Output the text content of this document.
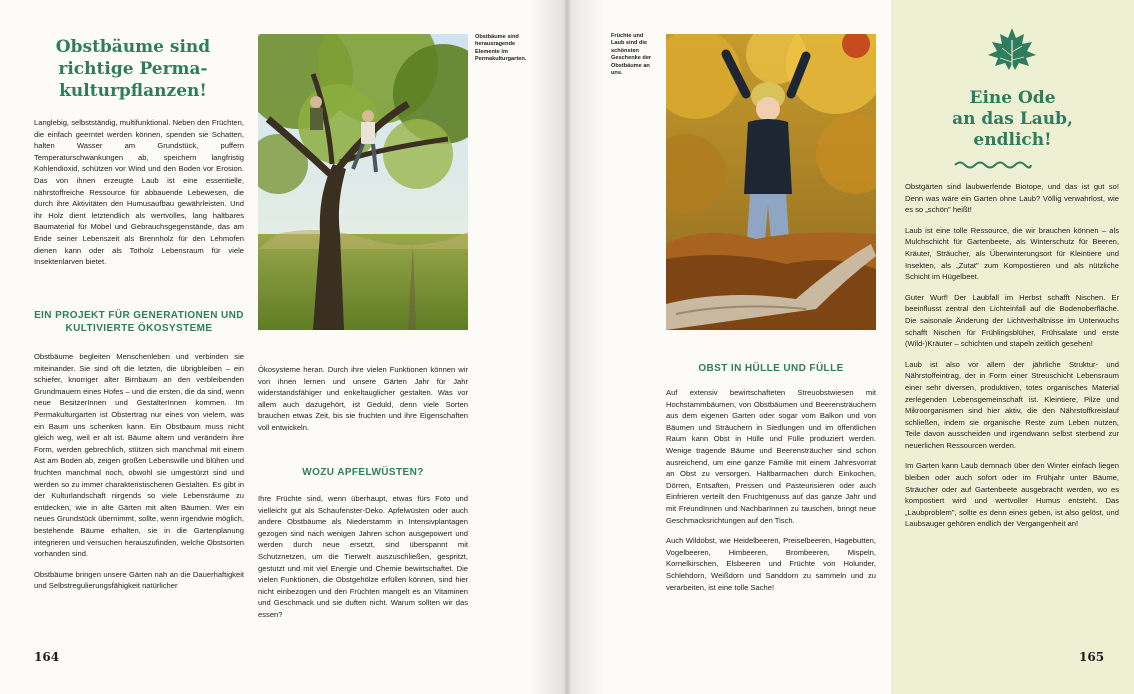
Obstbäume sind
richtige Perma-
kulturpflanzen!

Langlebig, selbstständig, multifunktional. Neben den Früchten, die einfach geerntet werden können, spenden sie Schatten, halten Wasser am Grundstück, puffern Temperaturschwankungen ab, speichern langfristig Kohlendioxid, schützen vor Wind und den Boden vor Erosion. Das von ihnen erzeugte Laub ist eine essentielle, nährstoffreiche Ressource für abbauende Lebewesen, die durch ihre Aktivitäten den Humusaufbau gewährleisten. Und ihr Holz dient letztendlich als wertvolles, lang haltbares Baumaterial für Möbel und Gebrauchsgegenstände, das am Ende seiner Lebenszeit als Brennholz für den Lehmofen dienen kann oder als Totholz Lebensraum für viele Insektenlarven bietet.

EIN PROJEKT FÜR GENERATIONEN UND
KULTIVIERTE ÖKOSYSTEME

Obstbäume begleiten Menschenleben und verbinden sie miteinander. Sie sind oft die letzten, die übrigbleiben – ein schiefer, knorriger alter Birnbaum an den verbleibenden Grundmauern eines Hofes – und die ersten, die da sind, wenn neue BesitzerInnen und GestalterInnen kommen. Im Permakulturgarten ist Obstertrag nur eines von vielem, was ein Baum uns schenken kann. Ein Obstbaum muss nicht gleich weg, weil er alt ist. Bäume altern und verändern ihre Form, werden gebrechlich, stützen sich manchmal mit einem Ast am Boden ab, zeigen großen Lebenswille und blühen und fruchten manchmal noch, obwohl sie umgestürzt sind und werden so zu immer charakteristischeren Gestalten. Es gibt in der Kulturlandschaft nirgends so viele Lebensräume zu entdecken, wie in alte Gärten mit alten Bäumen. Wer ein neues Grundstück übernimmt, sollte, wenn irgendwie möglich, bestehende Bäume erhalten, sie in die Gartenplanung integrieren und versuchen herauszufinden, welche Obstsorten vorhanden sind.

Obstbäume bringen unsere Gärten nah an die Dauerhaftigkeit und Selbstregulierungsfähigkeit natürlicher

Obstbäume sind herausragende Elemente im Permakulturgarten.

Ökosysteme heran. Durch ihre vielen Funktionen können wir von ihnen lernen und unsere Gärten Jahr für Jahr widerstandsfähiger und enkeltauglicher gestalten. Was vor allem auch dazugehört, ist Geduld, denn viele Sorten brauchen etwas Zeit, bis sie fruchten und ihre Eigenschaften voll entwickeln.

WOZU APFELWÜSTEN?

Ihre Früchte sind, wenn überhaupt, etwas fürs Foto und vielleicht gut als Schaufenster-Deko. Apfelwüsten oder auch andere Obstbäume als Niederstamm in Intensivplantagen gezogen sind nach wenigen Jahren schon ausgepowert und werden durch neue ersetzt, sind überspannt mit Schutznetzen, um die Tierwelt auszuschließen, gespritzt, gestutzt und mit viel Energie und Chemie bewirtschaftet. Die vielen Funktionen, die Obstgehölze erfüllen können, sind hier nicht einbezogen und den Früchten mangelt es an Vitaminen und Geschmack und sie duften nicht. Warum sollten wir das essen?

164
Früchte und Laub sind die schönsten Geschenke der Obstbäume an uns.
OBST IN HÜLLE UND FÜLLE

Auf extensiv bewirtschafteten Streuobstwiesen mit Hochstammbäumen, von Obstbäumen und Beerensträuchern aus dem eigenen Garten oder sogar vom Balkon und von Bäumen und Sträuchern in Siedlungen und im öffentlichen Raum kann Obst in Hülle und Fülle produziert werden. Wenige tragende Bäume und Beerensträucher sind schon ausreichend, um eine ganze Familie mit einem Jahresvorrat an Obst zu versorgen. Haltbarmachen durch Einkochen, Dörren, Entsaften, Pressen und Pasteurisieren oder auch Einfrieren verteilt den Fruchtgenuss auf das ganze Jahr und mit FreundInnen und NachbarInnen zu tauschen, bringt neue Geschmacksrichtungen auf den Tisch.

Auch Wildobst, wie Heidelbeeren, Preiselbeeren, Hagebutten, Vogelbeeren, Himbeeren, Brombeeren, Mispeln, Kornelkirschen, Elsbeeren und Früchte von Holunder, Schlehdorn, Weißdorn und Sanddorn zu sammeln und zu verarbeiten, ist eine tolle Sache!

Eine Ode
an das Laub,
endlich!

Obstgärten sind laubwerfende Biotope, und das ist gut so! Denn was wäre ein Garten ohne Laub? Völlig verwahrlost, wie es so „schön" heißt!

Laub ist eine tolle Ressource, die wir brauchen können – als Mulchschicht für Gartenbeete, als Winterschutz für Beeren, Kräuter, Sträucher, als Überwinterungsort für Kleintiere und Insekten, als „Zutat" zum Kompostieren und als nützliche Schicht im Hügelbeet.

Guter Wurf! Der Laubfall im Herbst schafft Nischen. Er beeinflusst zentral den Lichteinfall auf die Bodenoberfläche. Die saisonale Änderung der Lichtverhältnisse im Unterwuchs schafft Nischen für Frühlingsblüher, Frühsalate und erste (Wild-)Kräuter – schichten und stapeln zeitlich gesehen!

Laub ist also vor allem der jährliche Struktur- und Nährstoffeintrag, der in Form einer Streuschicht Lebensraum einer sehr diversen, produktiven, totes organisches Material zerlegenden Lebensgemeinschaft ist. Kleintiere, Pilze und Mikroorganismen sind hier aktiv, die den Nährstoffkreislauf schließen, indem sie organische Reste zum Leben nutzen, Teile davon ausscheiden und irgendwann selbst sterbend zur neuerlichen Ressourcen werden.

Im Garten kann Laub demnach über den Winter einfach liegen bleiben oder auch sofort oder im Frühjahr unter Bäume, Sträucher oder auf Gartenbeete ausgebracht werden, wo es kompostiert wird und wertvoller Humus entsteht. Das „Laubproblem", sollte es denn eines geben, ist also gelöst, und Laubsauger gehören endlich der Vergangenheit an!

165
